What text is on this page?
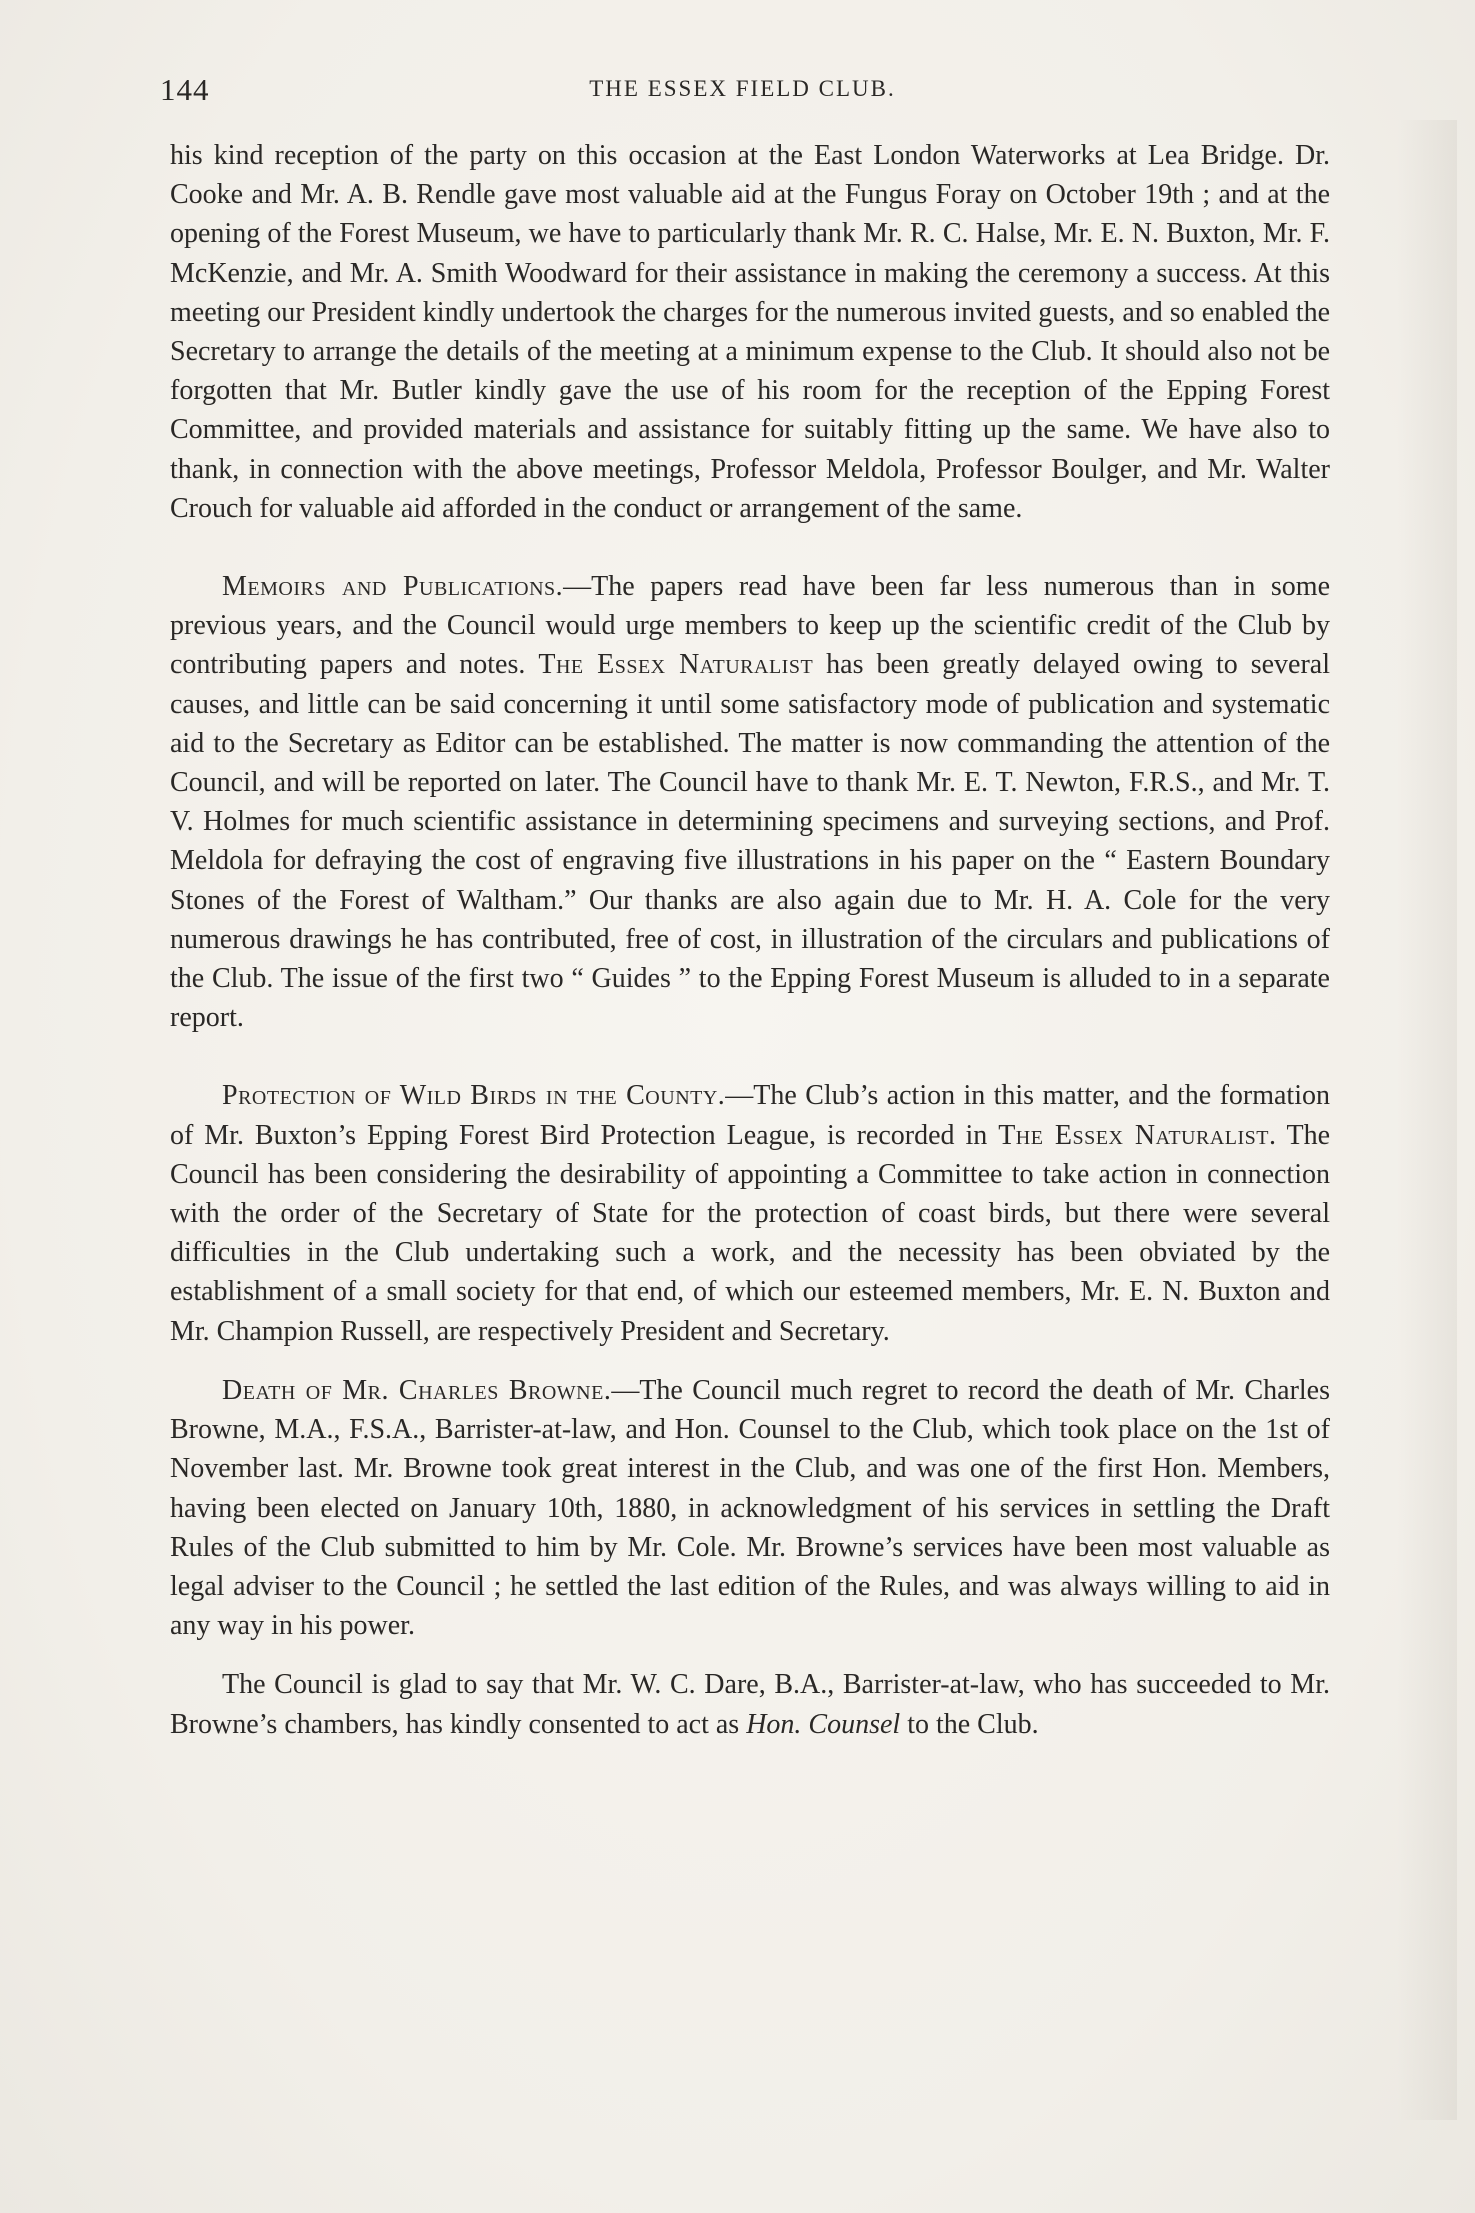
144	THE ESSEX FIELD CLUB.

his kind reception of the party on this occasion at the East London Waterworks at Lea Bridge. Dr. Cooke and Mr. A. B. Rendle gave most valuable aid at the Fungus Foray on October 19th ; and at the opening of the Forest Museum, we have to particularly thank Mr. R. C. Halse, Mr. E. N. Buxton, Mr. F. McKenzie, and Mr. A. Smith Woodward for their assistance in making the ceremony a success. At this meeting our President kindly undertook the charges for the numerous invited guests, and so enabled the Secretary to arrange the details of the meeting at a minimum expense to the Club. It should also not be forgotten that Mr. Butler kindly gave the use of his room for the reception of the Epping Forest Committee, and provided materials and assistance for suitably fitting up the same. We have also to thank, in connection with the above meetings, Professor Meldola, Professor Boulger, and Mr. Walter Crouch for valuable aid afforded in the conduct or arrangement of the same.

Memoirs and Publications.—The papers read have been far less numerous than in some previous years, and the Council would urge members to keep up the scientific credit of the Club by contributing papers and notes. The Essex Naturalist has been greatly delayed owing to several causes, and little can be said concerning it until some satisfactory mode of publication and systematic aid to the Secretary as Editor can be established. The matter is now commanding the attention of the Council, and will be reported on later. The Council have to thank Mr. E. T. Newton, F.R.S., and Mr. T. V. Holmes for much scientific assistance in determining specimens and surveying sections, and Prof. Meldola for defraying the cost of engraving five illustrations in his paper on the “ Eastern Boundary Stones of the Forest of Waltham.” Our thanks are also again due to Mr. H. A. Cole for the very numerous drawings he has contributed, free of cost, in illustration of the circulars and publications of the Club. The issue of the first two “ Guides ” to the Epping Forest Museum is alluded to in a separate report.

Protection of Wild Birds in the County.—The Club’s action in this matter, and the formation of Mr. Buxton’s Epping Forest Bird Protection League, is recorded in The Essex Naturalist. The Council has been considering the desirability of appointing a Committee to take action in connection with the order of the Secretary of State for the protection of coast birds, but there were several difficulties in the Club undertaking such a work, and the necessity has been obviated by the establishment of a small society for that end, of which our esteemed members, Mr. E. N. Buxton and Mr. Champion Russell, are respectively President and Secretary.

Death of Mr. Charles Browne.—The Council much regret to record the death of Mr. Charles Browne, M.A., F.S.A., Barrister-at-law, and Hon. Counsel to the Club, which took place on the 1st of November last. Mr. Browne took great interest in the Club, and was one of the first Hon. Members, having been elected on January 10th, 1880, in acknowledgment of his services in settling the Draft Rules of the Club submitted to him by Mr. Cole. Mr. Browne’s services have been most valuable as legal adviser to the Council ; he settled the last edition of the Rules, and was always willing to aid in any way in his power.

The Council is glad to say that Mr. W. C. Dare, B.A., Barrister-at-law, who has succeeded to Mr. Browne’s chambers, has kindly consented to act as Hon. Counsel to the Club.
